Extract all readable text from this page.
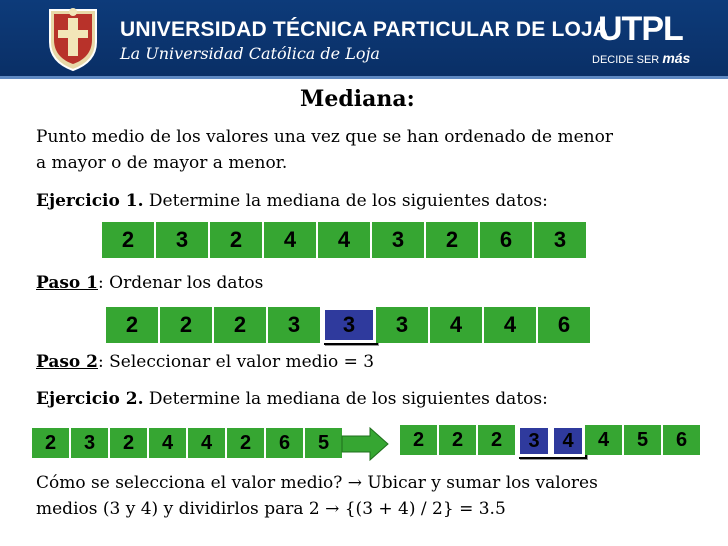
UNIVERSIDAD TÉCNICA PARTICULAR DE LOJA
La Universidad Católica de Loja
UTPL
DECIDE SER más
Mediana:
Punto medio de los valores una vez que se han ordenado de menor
a mayor o de mayor a menor.
Ejercicio 1. Determine la mediana de los siguientes datos:
2	3	2	4	4	3	2	6	3
Paso 1: Ordenar los datos
2	2	2	3	3	3	4	4	6
Paso 2: Seleccionar el valor medio = 3
Ejercicio 2. Determine la mediana de los siguientes datos:
2	3	2	4	4	2	6	5	2	2	2	3	4	4	5	6
Cómo se selecciona el valor medio? → Ubicar y sumar los valores
medios (3 y 4) y dividirlos para 2 → {(3 + 4) / 2} = 3.5
